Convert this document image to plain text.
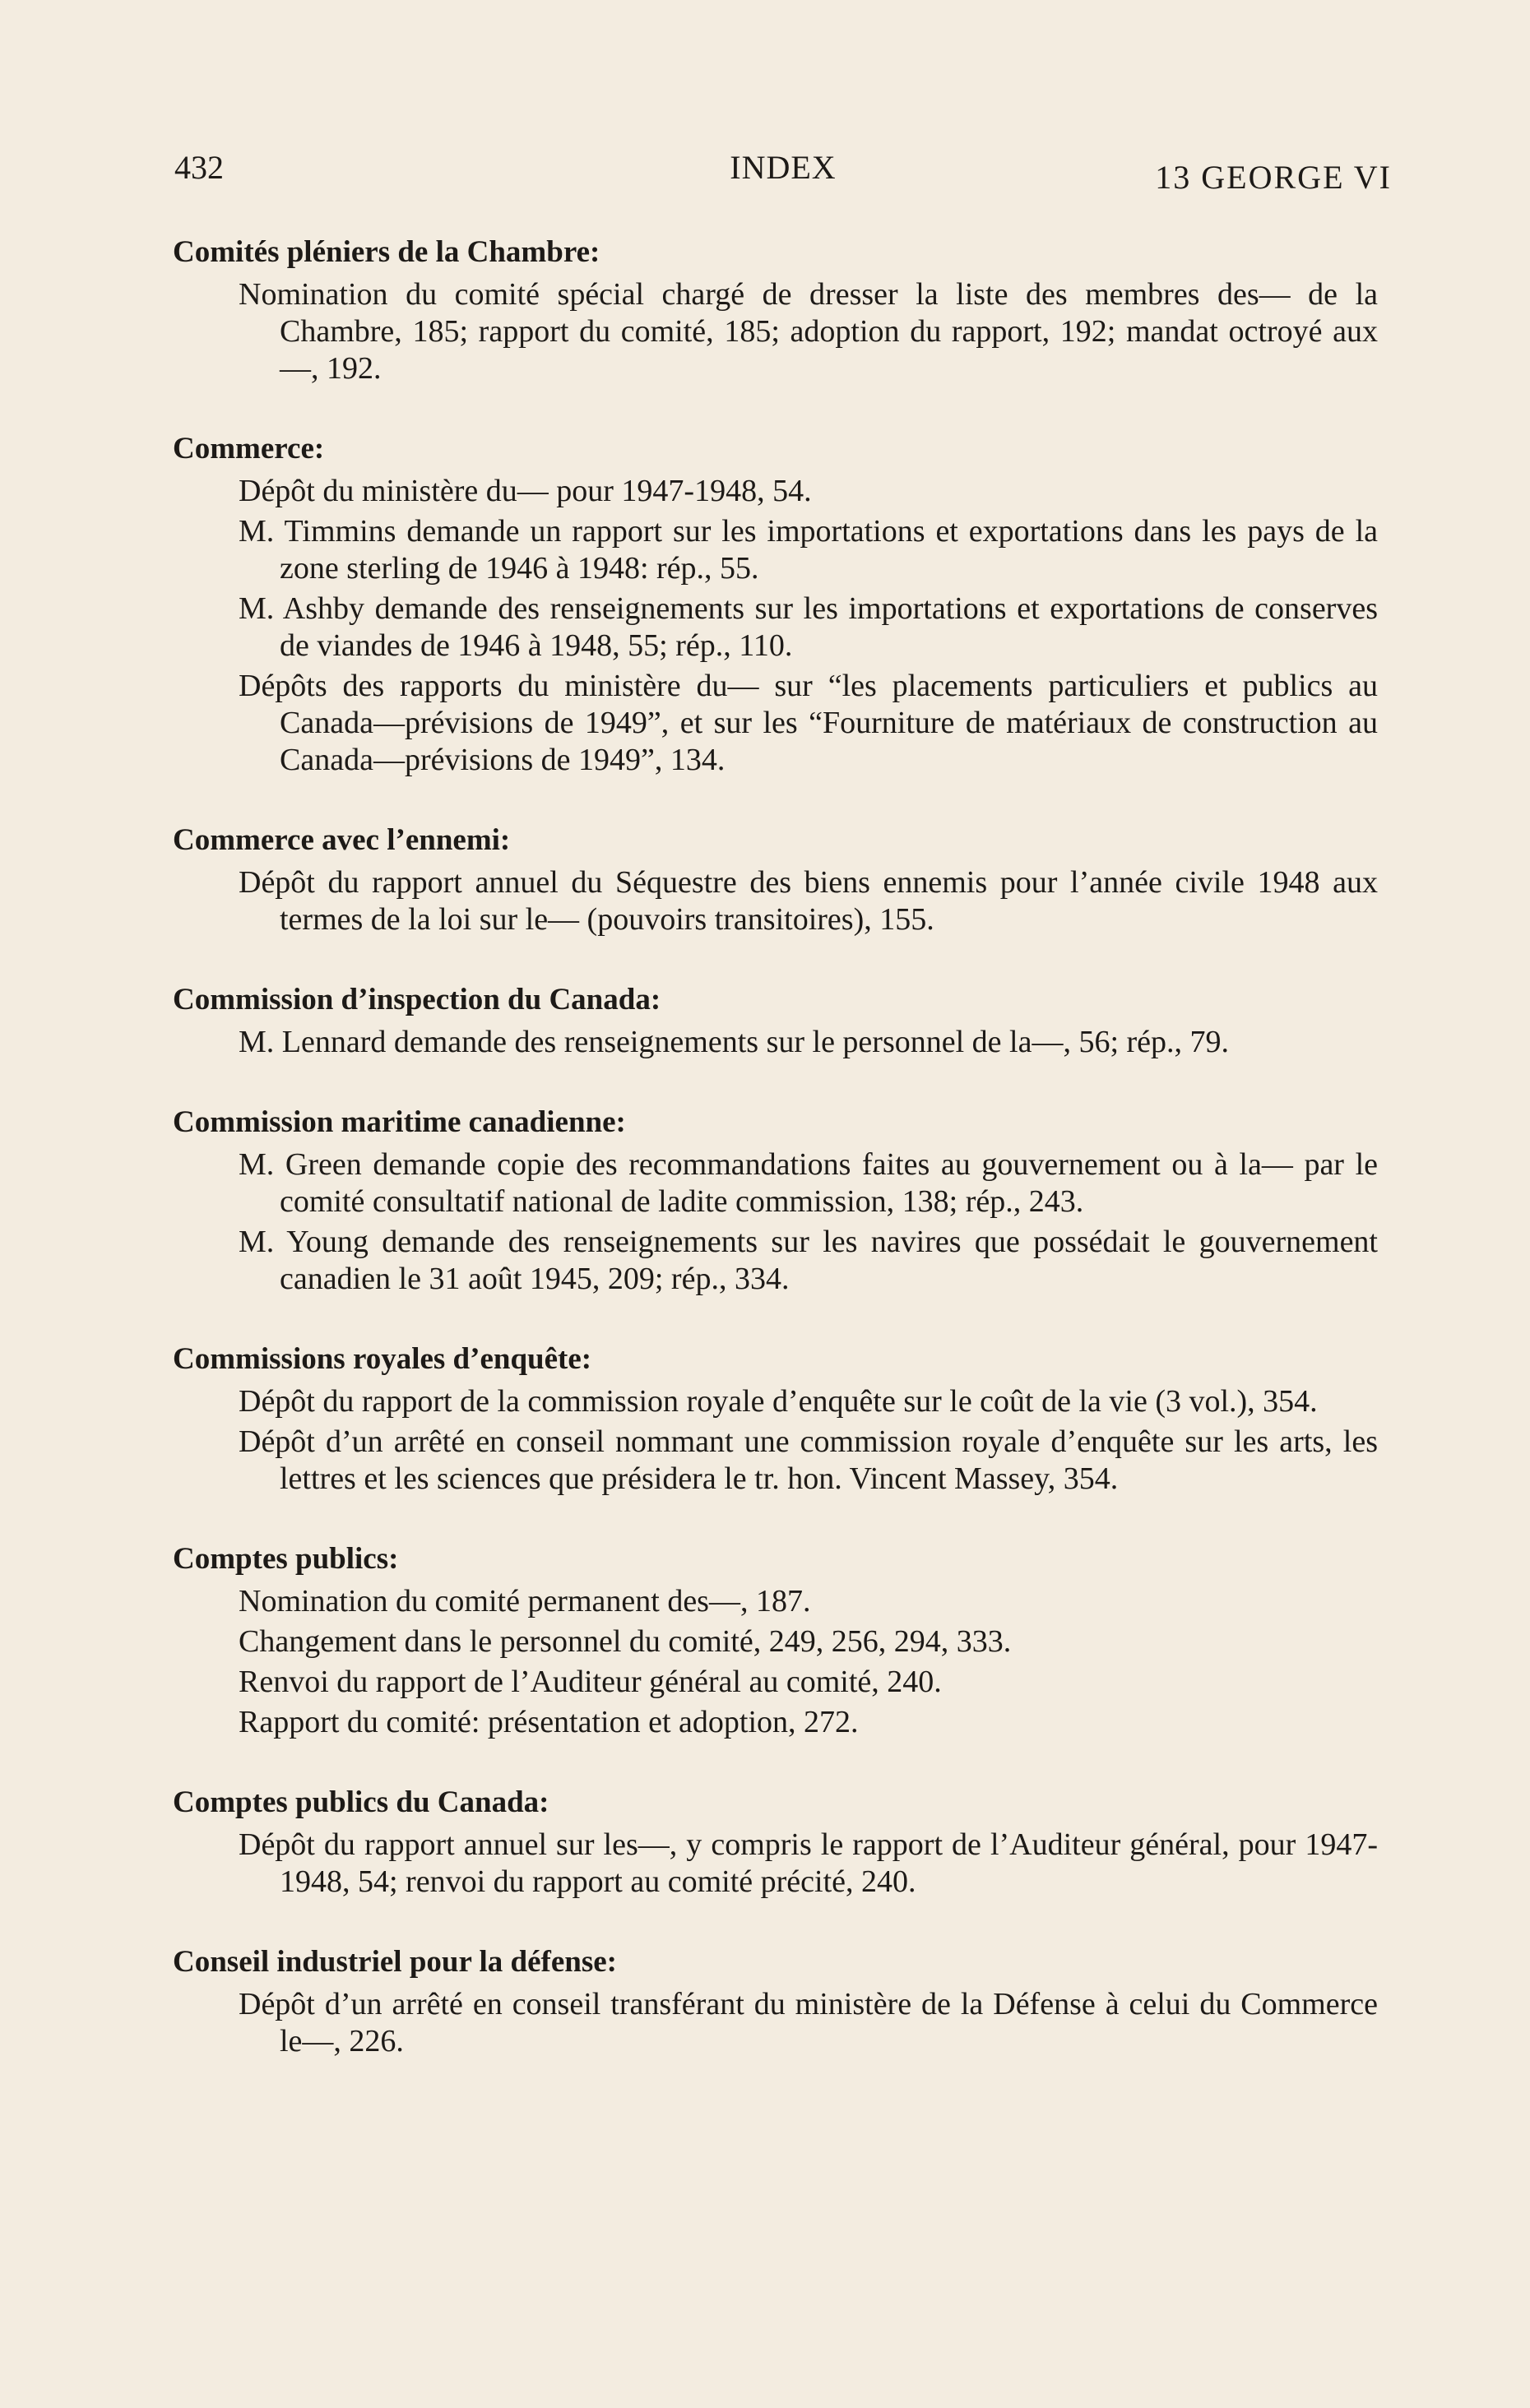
432	INDEX	13 GEORGE VI
Comités pléniers de la Chambre:
Nomination du comité spécial chargé de dresser la liste des membres des— de la Chambre, 185; rapport du comité, 185; adoption du rapport, 192; mandat octroyé aux—, 192.
Commerce:
Dépôt du ministère du— pour 1947-1948, 54.
M. Timmins demande un rapport sur les importations et exportations dans les pays de la zone sterling de 1946 à 1948: rép., 55.
M. Ashby demande des renseignements sur les importations et exportations de conserves de viandes de 1946 à 1948, 55; rép., 110.
Dépôts des rapports du ministère du— sur “les placements particuliers et publics au Canada—prévisions de 1949”, et sur les “Fourniture de matériaux de construction au Canada—prévisions de 1949”, 134.
Commerce avec l’ennemi:
Dépôt du rapport annuel du Séquestre des biens ennemis pour l’année civile 1948 aux termes de la loi sur le— (pouvoirs transitoires), 155.
Commission d’inspection du Canada:
M. Lennard demande des renseignements sur le personnel de la—, 56; rép., 79.
Commission maritime canadienne:
M. Green demande copie des recommandations faites au gouvernement ou à la— par le comité consultatif national de ladite commission, 138; rép., 243.
M. Young demande des renseignements sur les navires que possédait le gouvernement canadien le 31 août 1945, 209; rép., 334.
Commissions royales d’enquête:
Dépôt du rapport de la commission royale d’enquête sur le coût de la vie (3 vol.), 354.
Dépôt d’un arrêté en conseil nommant une commission royale d’enquête sur les arts, les lettres et les sciences que présidera le tr. hon. Vincent Massey, 354.
Comptes publics:
Nomination du comité permanent des—, 187.
Changement dans le personnel du comité, 249, 256, 294, 333.
Renvoi du rapport de l’Auditeur général au comité, 240.
Rapport du comité: présentation et adoption, 272.
Comptes publics du Canada:
Dépôt du rapport annuel sur les—, y compris le rapport de l’Auditeur général, pour 1947-1948, 54; renvoi du rapport au comité précité, 240.
Conseil industriel pour la défense:
Dépôt d’un arrêté en conseil transférant du ministère de la Défense à celui du Commerce le—, 226.
